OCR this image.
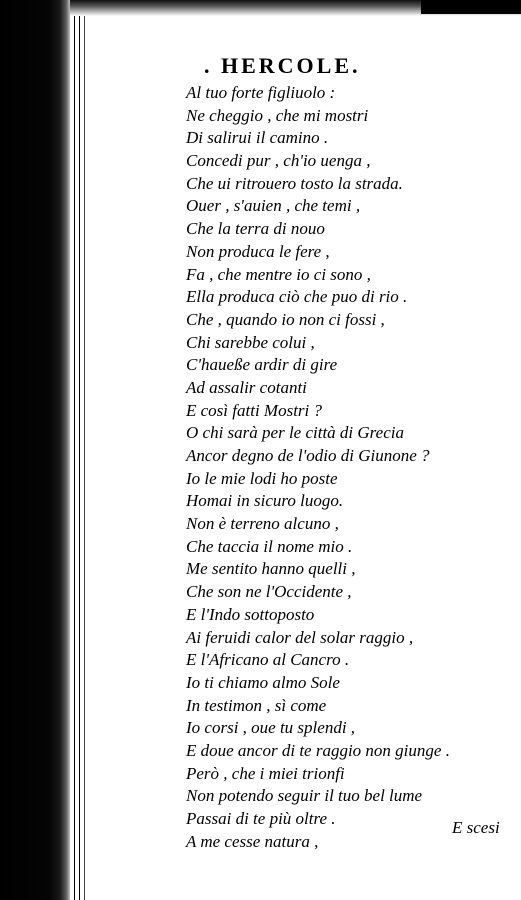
. HERCOLE.
Al tuo forte figliuolo :
Ne cheggio , che mi mostri
Di salirui il camino .
Concedi pur , ch'io uenga ,
Che ui ritrouero tosto la strada.
Ouer , s'auien , che temi ,
Che la terra di nouo
Non produca le fere ,
Fa , che mentre io ci sono ,
Ella produca ciò che puo di rio .
Che , quando io non ci fossi ,
Chi sarebbe colui ,
C'haueße ardir di gire
Ad assalir cotanti
E così fatti Mostri ?
O chi sarà per le città di Grecia
Ancor degno de l'odio di Giunone ?
Io le mie lodi ho poste
Homai in sicuro luogo.
Non è terreno alcuno ,
Che taccia il nome mio .
Me sentito hanno quelli ,
Che son ne l'Occidente ,
E l'Indo sottoposto
Ai feruidi calor del solar raggio ,
E l'Africano al Cancro .
Io ti chiamo almo Sole
In testimon , sì come
Io corsi , oue tu splendi ,
E doue ancor di te raggio non giunge .
Però , che i miei trionfi
Non potendo seguir il tuo bel lume
Passai di te più oltre .
A me cesse natura ,
E scesi
